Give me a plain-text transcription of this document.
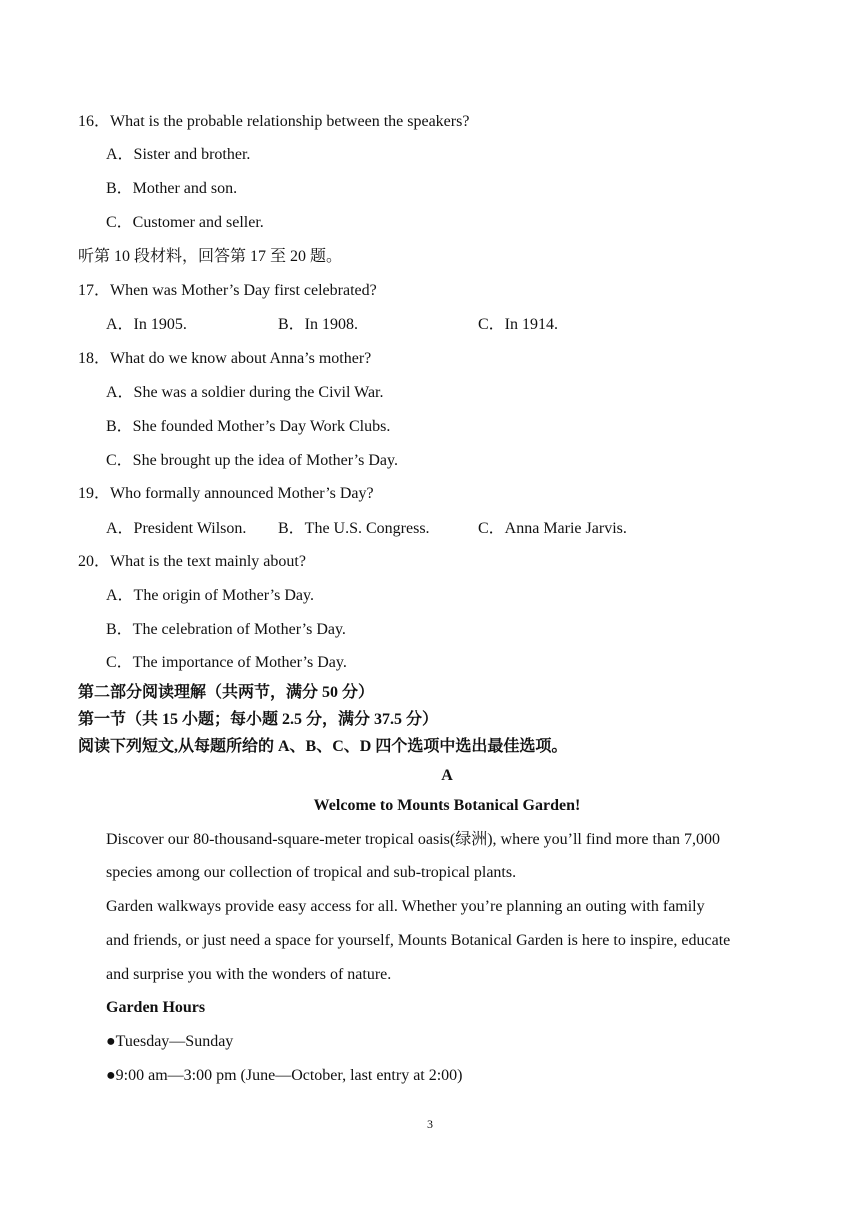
16．What is the probable relationship between the speakers?
A．Sister and brother.
B．Mother and son.
C．Customer and seller.
听第 10 段材料，回答第 17 至 20 题。
17．When was Mother’s Day first celebrated?
A．In 1905.	B．In 1908.	C．In 1914.
18．What do we know about Anna’s mother?
A．She was a soldier during the Civil War.
B．She founded Mother’s Day Work Clubs.
C．She brought up the idea of Mother’s Day.
19．Who formally announced Mother’s Day?
A．President Wilson. B．The U.S. Congress.	C．Anna Marie Jarvis.
20．What is the text mainly about?
A．The origin of Mother’s Day.
B．The celebration of Mother’s Day.
C．The importance of Mother’s Day.
第二部分阅读理解（共两节，满分 50 分）
第一节（共 15 小题；每小题 2.5 分，满分 37.5 分）
阅读下列短文,从每题所给的 A、B、C、D 四个选项中选出最佳选项。
A
Welcome to Mounts Botanical Garden!
Discover our 80-thousand-square-meter tropical oasis(绿洲), where you’ll find more than 7,000
species among our collection of tropical and sub-tropical plants.
Garden walkways provide easy access for all. Whether you’re planning an outing with family
and friends, or just need a space for yourself, Mounts Botanical Garden is here to inspire, educate
and surprise you with the wonders of nature.
Garden Hours
●Tuesday—Sunday
●9:00 am—3:00 pm (June—October, last entry at 2:00)
3
